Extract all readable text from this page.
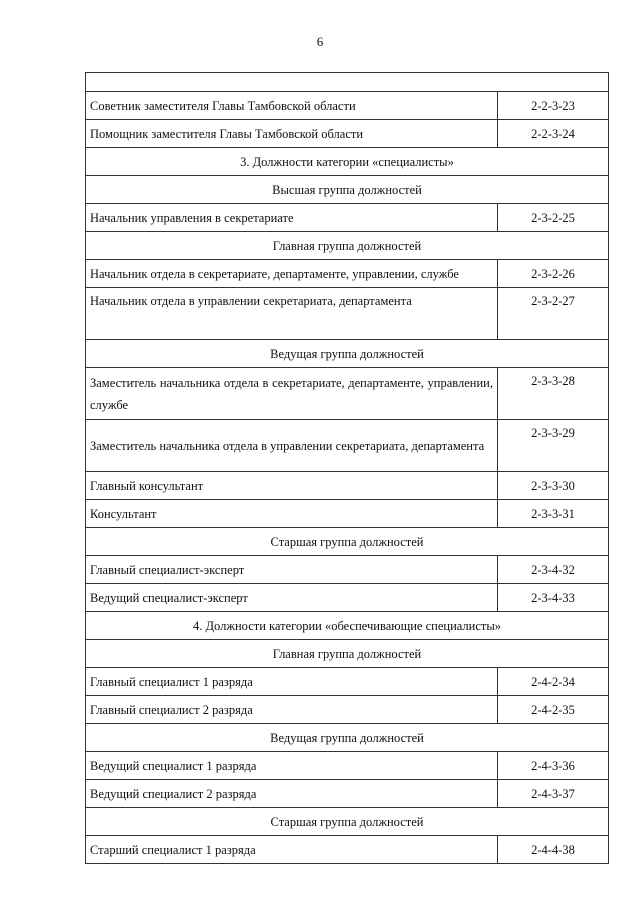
6

Советник заместителя Главы Тамбовской области	2-2-3-23
Помощник заместителя Главы Тамбовской области	2-2-3-24
3. Должности категории «специалисты»	
Высшая группа должностей	
Начальник управления в секретариате	2-3-2-25
Главная группа должностей	
Начальник отдела в секретариате, департаменте, управлении, службе	2-3-2-26
Начальник отдела в управлении секретариата, департамента	2-3-2-27
Ведущая группа должностей	
Заместитель начальника отдела в секретариате, департаменте, управлении, службе	2-3-3-28
Заместитель начальника отдела в управлении секретариата, департамента	2-3-3-29
Главный консультант	2-3-3-30
Консультант	2-3-3-31
Старшая группа должностей	
Главный специалист-эксперт	2-3-4-32
Ведущий специалист-эксперт	2-3-4-33
4. Должности категории «обеспечивающие специалисты»	
Главная группа должностей	
Главный специалист 1 разряда	2-4-2-34
Главный специалист 2 разряда	2-4-2-35
Ведущая группа должностей	
Ведущий специалист 1 разряда	2-4-3-36
Ведущий специалист 2 разряда	2-4-3-37
Старшая группа должностей	
Старший специалист 1 разряда	2-4-4-38
